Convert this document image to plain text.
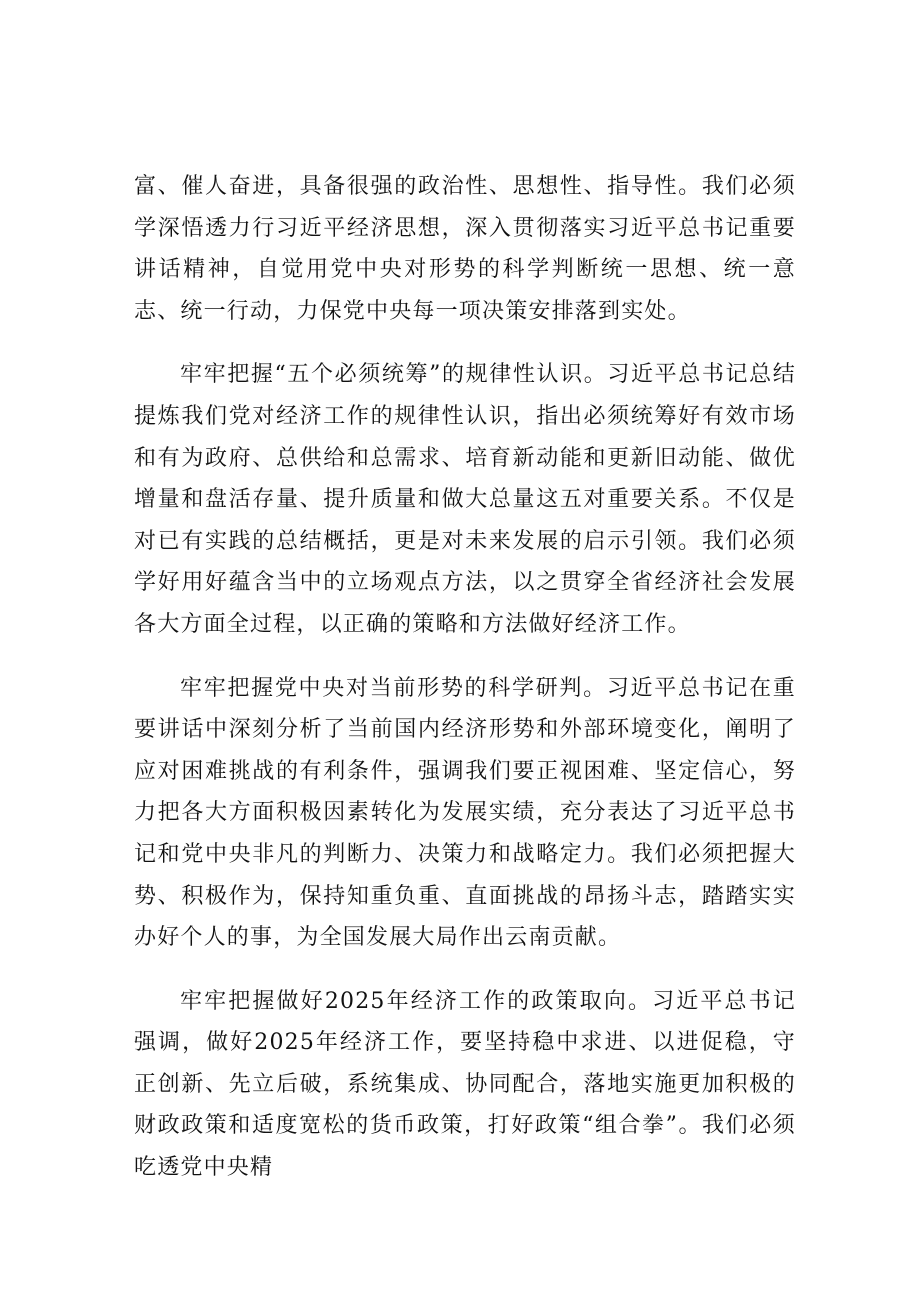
富、催人奋进，具备很强的政治性、思想性、指导性。我们必须学深悟透力行习近平经济思想，深入贯彻落实习近平总书记重要讲话精神，自觉用党中央对形势的科学判断统一思想、统一意志、统一行动，力保党中央每一项决策安排落到实处。

牢牢把握“五个必须统筹”的规律性认识。习近平总书记总结提炼我们党对经济工作的规律性认识，指出必须统筹好有效市场和有为政府、总供给和总需求、培育新动能和更新旧动能、做优增量和盘活存量、提升质量和做大总量这五对重要关系。不仅是对已有实践的总结概括，更是对未来发展的启示引领。我们必须学好用好蕴含当中的立场观点方法，以之贯穿全省经济社会发展各大方面全过程，以正确的策略和方法做好经济工作。

牢牢把握党中央对当前形势的科学研判。习近平总书记在重要讲话中深刻分析了当前国内经济形势和外部环境变化，阐明了应对困难挑战的有利条件，强调我们要正视困难、坚定信心，努力把各大方面积极因素转化为发展实绩，充分表达了习近平总书记和党中央非凡的判断力、决策力和战略定力。我们必须把握大势、积极作为，保持知重负重、直面挑战的昂扬斗志，踏踏实实办好个人的事，为全国发展大局作出云南贡献。

牢牢把握做好2025年经济工作的政策取向。习近平总书记强调，做好2025年经济工作，要坚持稳中求进、以进促稳，守正创新、先立后破，系统集成、协同配合，落地实施更加积极的财政政策和适度宽松的货币政策，打好政策“组合拳”。我们必须吃透党中央精
